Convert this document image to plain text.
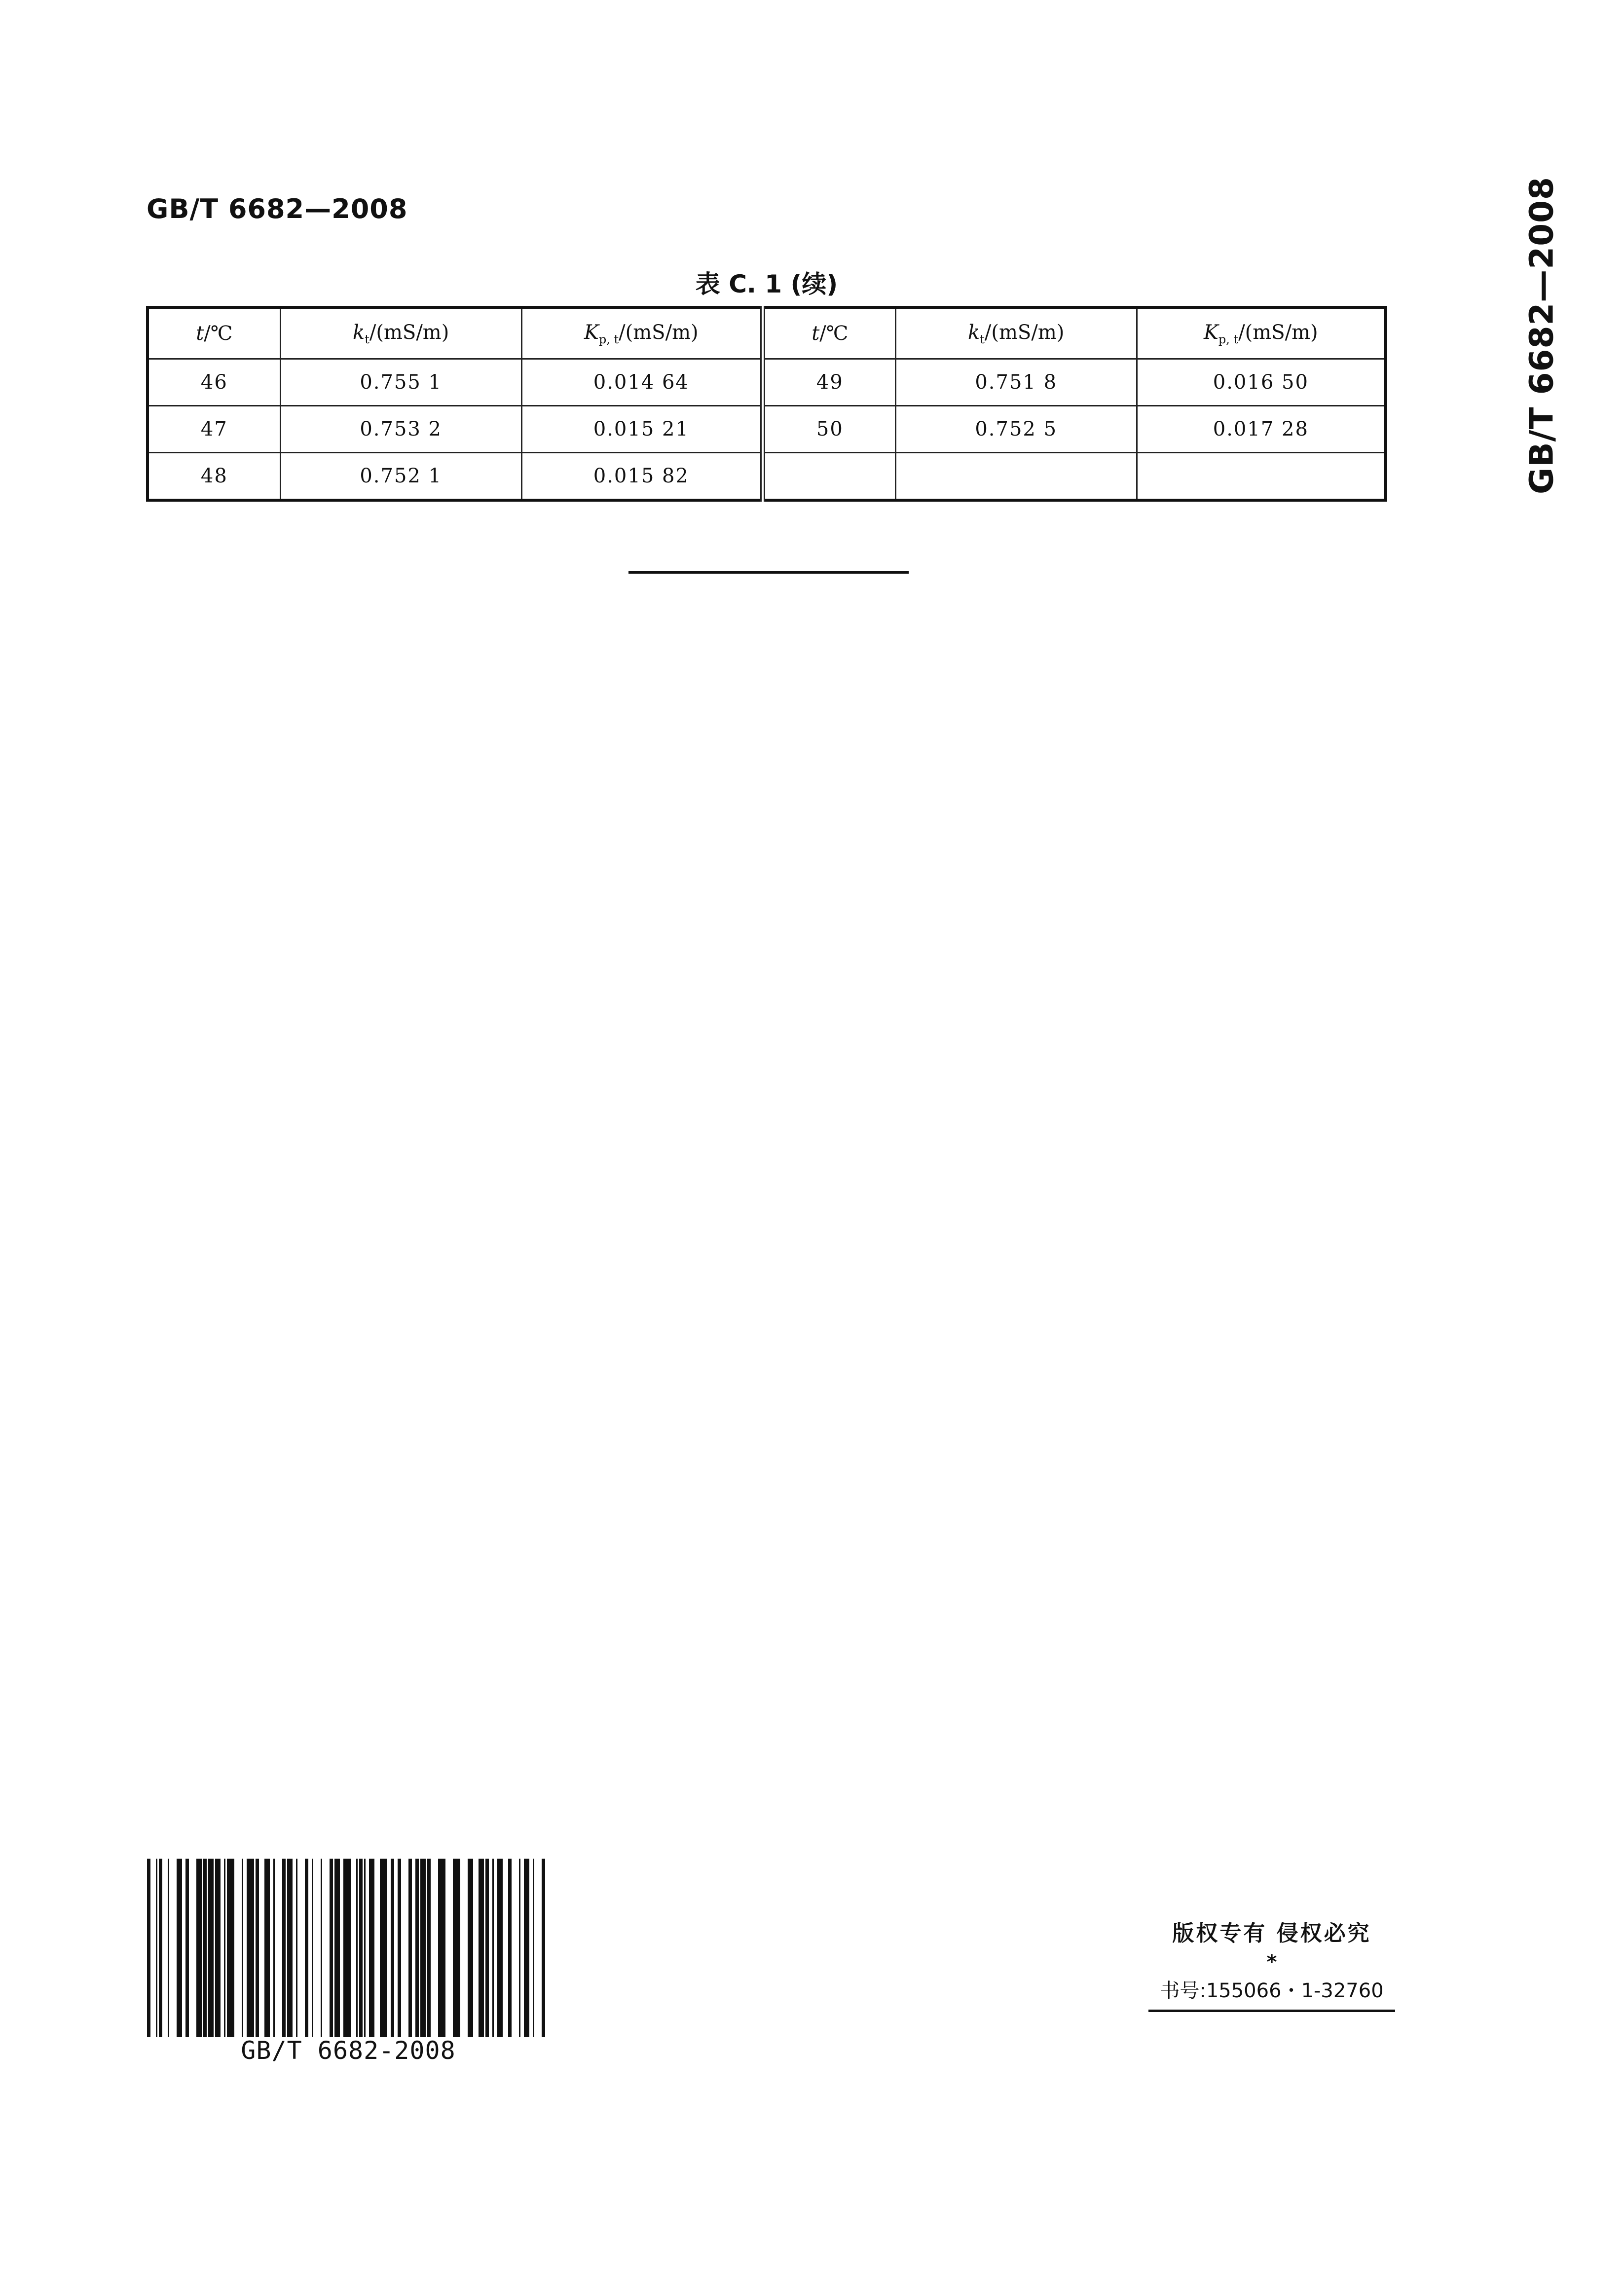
GB/T 6682—2008	GB/T 6682—2008
表 C. 1 (续)
t/℃	$k_t/(mS/m)$	$K_{p, t}/(mS/m)$	t/℃	$k_t/(mS/m)$	$K_{p, t}/(mS/m)$
46	0.755 1	0.014 64	49	0.751 8	0.016 50
47	0.753 2	0.015 21	50	0.752 5	0.017 28
48	0.752 1	0.015 82			
GB/T 6682-2008
版权专有 侵权必究
*
书号:155066・1-32760
